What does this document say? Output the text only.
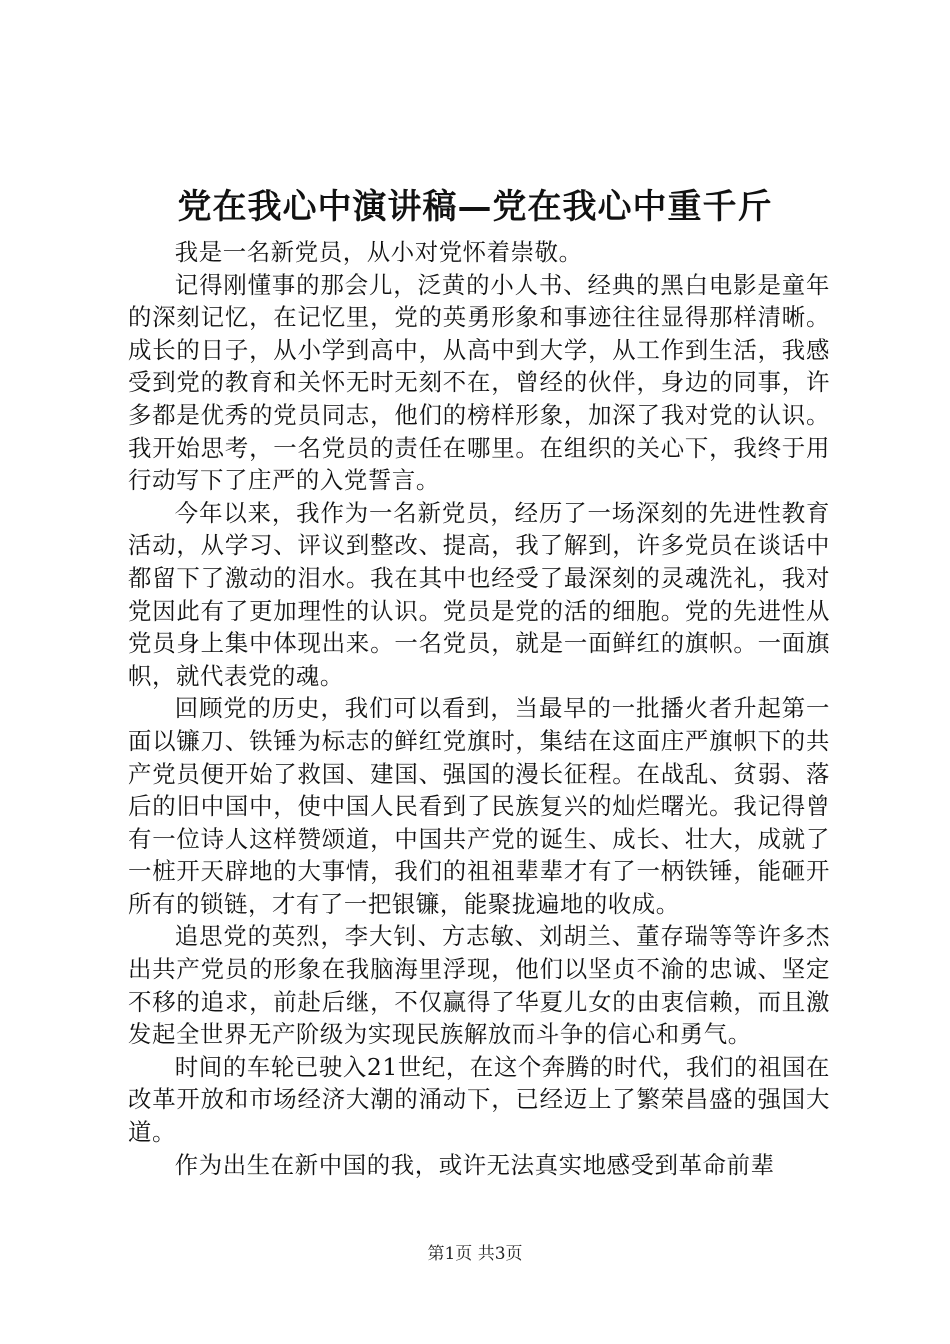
党在我心中演讲稿—党在我心中重千斤

我是一名新党员，从小对党怀着崇敬。

记得刚懂事的那会儿，泛黄的小人书、经典的黑白电影是童年的深刻记忆，在记忆里，党的英勇形象和事迹往往显得那样清晰。成长的日子，从小学到高中，从高中到大学，从工作到生活，我感受到党的教育和关怀无时无刻不在，曾经的伙伴，身边的同事，许多都是优秀的党员同志，他们的榜样形象，加深了我对党的认识。我开始思考，一名党员的责任在哪里。在组织的关心下，我终于用行动写下了庄严的入党誓言。

今年以来，我作为一名新党员，经历了一场深刻的先进性教育活动，从学习、评议到整改、提高，我了解到，许多党员在谈话中都留下了激动的泪水。我在其中也经受了最深刻的灵魂洗礼，我对党因此有了更加理性的认识。党员是党的活的细胞。党的先进性从党员身上集中体现出来。一名党员，就是一面鲜红的旗帜。一面旗帜，就代表党的魂。

回顾党的历史，我们可以看到，当最早的一批播火者升起第一面以镰刀、铁锤为标志的鲜红党旗时，集结在这面庄严旗帜下的共产党员便开始了救国、建国、强国的漫长征程。在战乱、贫弱、落后的旧中国中，使中国人民看到了民族复兴的灿烂曙光。我记得曾有一位诗人这样赞颂道，中国共产党的诞生、成长、壮大，成就了一桩开天辟地的大事情，我们的祖祖辈辈才有了一柄铁锤，能砸开所有的锁链，才有了一把银镰，能聚拢遍地的收成。

追思党的英烈，李大钊、方志敏、刘胡兰、董存瑞等等许多杰出共产党员的形象在我脑海里浮现，他们以坚贞不渝的忠诚、坚定不移的追求，前赴后继，不仅赢得了华夏儿女的由衷信赖，而且激发起全世界无产阶级为实现民族解放而斗争的信心和勇气。

时间的车轮已驶入21世纪，在这个奔腾的时代，我们的祖国在改革开放和市场经济大潮的涌动下，已经迈上了繁荣昌盛的强国大道。

作为出生在新中国的我，或许无法真实地感受到革命前辈

第1页 共3页
